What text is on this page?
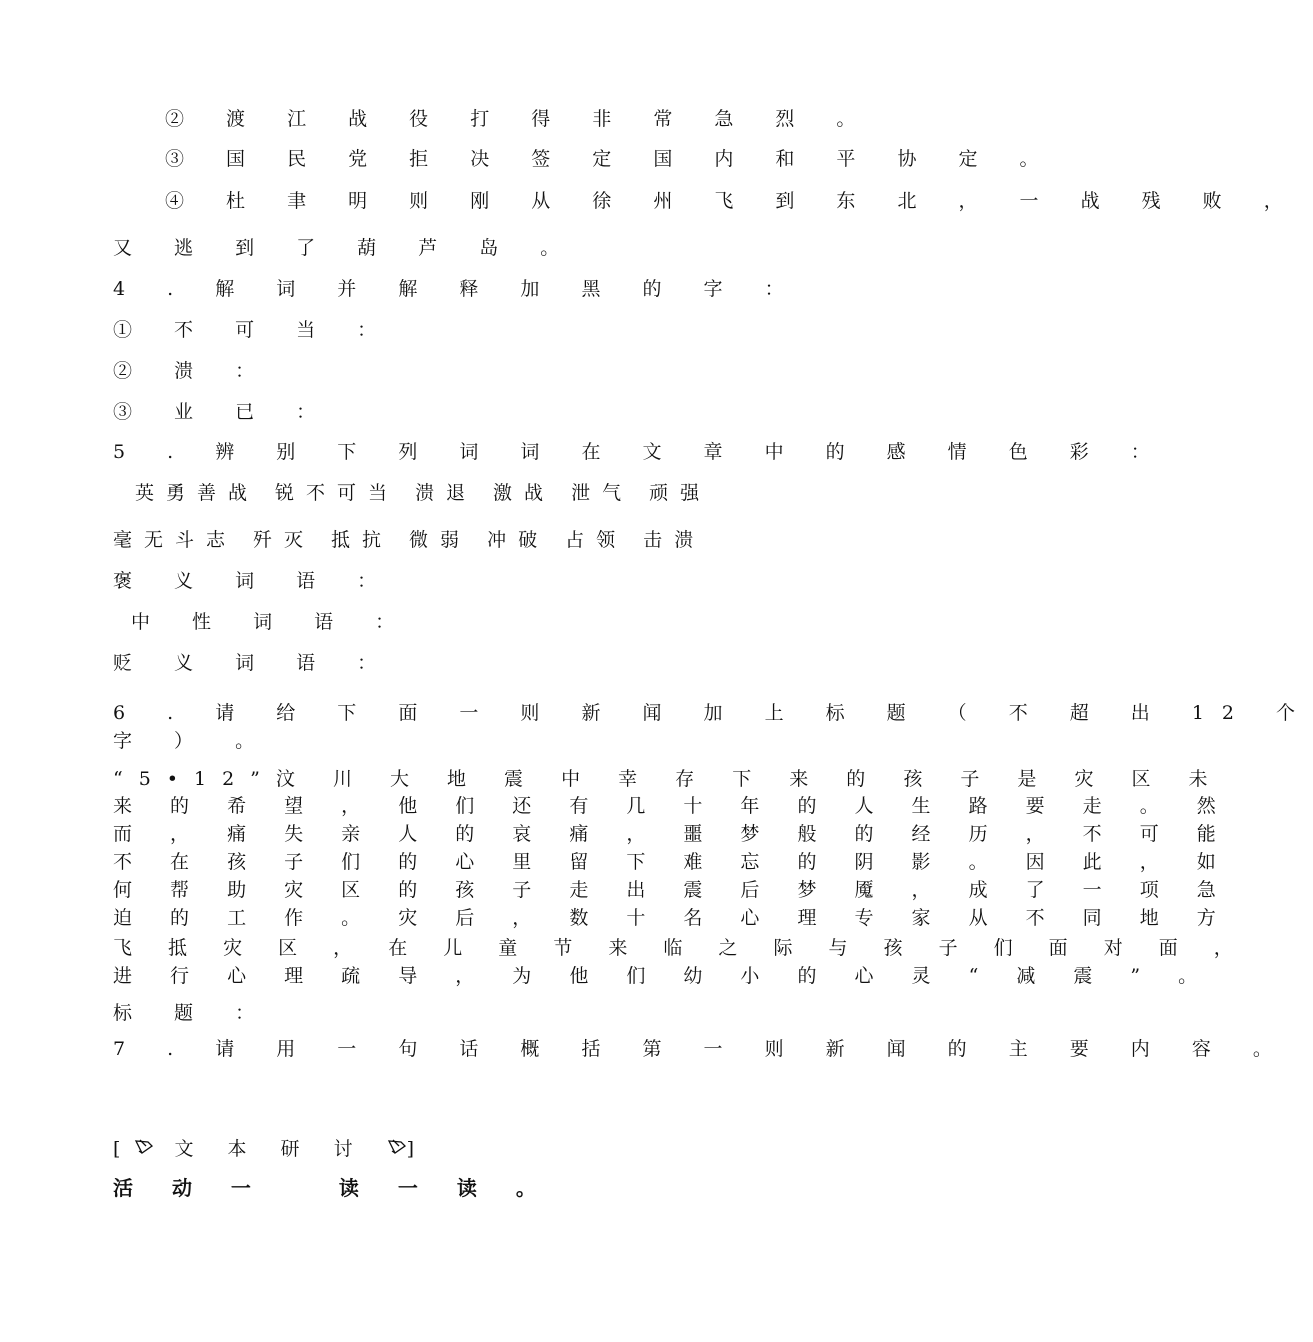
② 渡 江 战 役 打 得 非 常 急 烈 。
③ 国 民 党 拒 决 签 定 国 内 和 平 协 定 。
④ 杜 聿 明 则 刚 从 徐 州 飞 到 东 北 ， 一 战 残 败 ，
又 逃 到 了 葫 芦 岛 。
4 . 解 词 并 解 释 加 黑 的 字 ：
① 不 可 当 ：
② 溃 ：
③ 业 已 ：
5 . 辨 别 下 列 词 词 在 文 章 中 的 感 情 色 彩 ：
英勇善战 锐不可当 溃退 激战 泄气 顽强
毫无斗志 歼灭 抵抗 微弱 冲破 占领 击溃
褒 义 词 语 ：
中 性 词 语 ：
贬 义 词 语 ：
6 . 请 给 下 面 一 则 新 闻 加 上 标 题 （ 不 超 出 12 个
字 ） 。
“5•12”汶 川 大 地 震 中 幸 存 下 来 的 孩 子 是 灾 区 未
来 的 希 望 ， 他 们 还 有 几 十 年 的 人 生 路 要 走 。 然
而 ， 痛 失 亲 人 的 哀 痛 ， 噩 梦 般 的 经 历 ， 不 可 能
不 在 孩 子 们 的 心 里 留 下 难 忘 的 阴 影 。 因 此 ， 如
何 帮 助 灾 区 的 孩 子 走 出 震 后 梦 魇 ， 成 了 一 项 急
迫 的 工 作 。 灾 后 ， 数 十 名 心 理 专 家 从 不 同 地 方
飞 抵 灾 区 ， 在 儿 童 节 来 临 之 际 与 孩 子 们 面 对 面 ，
进 行 心 理 疏 导 ， 为 他 们 幼 小 的 心 灵 “ 减 震 ” 。
标 题 ：
7 . 请 用 一 句 话 概 括 第 一 则 新 闻 的 主 要 内 容 。
[ 文 本 研 讨 ]
活 动 一　　读 一 读 。
